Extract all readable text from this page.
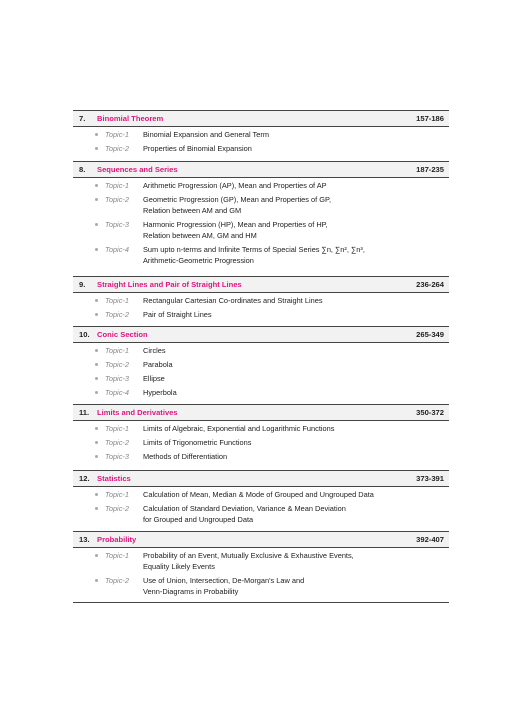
7. Binomial Theorem	157-186
Topic-1 Binomial Expansion and General Term
Topic-2 Properties of Binomial Expansion
8. Sequences and Series	187-235
Topic-1 Arithmetic Progression (AP), Mean and Properties of AP
Topic-2 Geometric Progression (GP), Mean and Properties of GP,
Relation between AM and GM
Topic-3 Harmonic Progression (HP), Mean and Properties of HP,
Relation between AM, GM and HM
Topic-4 Sum upto n-terms and Infinite Terms of Special Series ∑n, ∑n², ∑n³,
Arithmetic-Geometric Progression
9. Straight Lines and Pair of Straight Lines	236-264
Topic-1 Rectangular Cartesian Co-ordinates and Straight Lines
Topic-2 Pair of Straight Lines
10. Conic Section	265-349
Topic-1 Circles
Topic-2 Parabola
Topic-3 Ellipse
Topic-4 Hyperbola
11. Limits and Derivatives	350-372
Topic-1 Limits of Algebraic, Exponential and Logarithmic Functions
Topic-2 Limits of Trigonometric Functions
Topic-3 Methods of Differentiation
12. Statistics	373-391
Topic-1 Calculation of Mean, Median & Mode of Grouped and Ungrouped Data
Topic-2 Calculation of Standard Deviation, Variance & Mean Deviation
for Grouped and Ungrouped Data
13. Probability	392-407
Topic-1 Probability of an Event, Mutually Exclusive & Exhaustive Events,
Equality Likely Events
Topic-2 Use of Union, Intersection, De-Morgan's Law and
Venn-Diagrams in Probability
